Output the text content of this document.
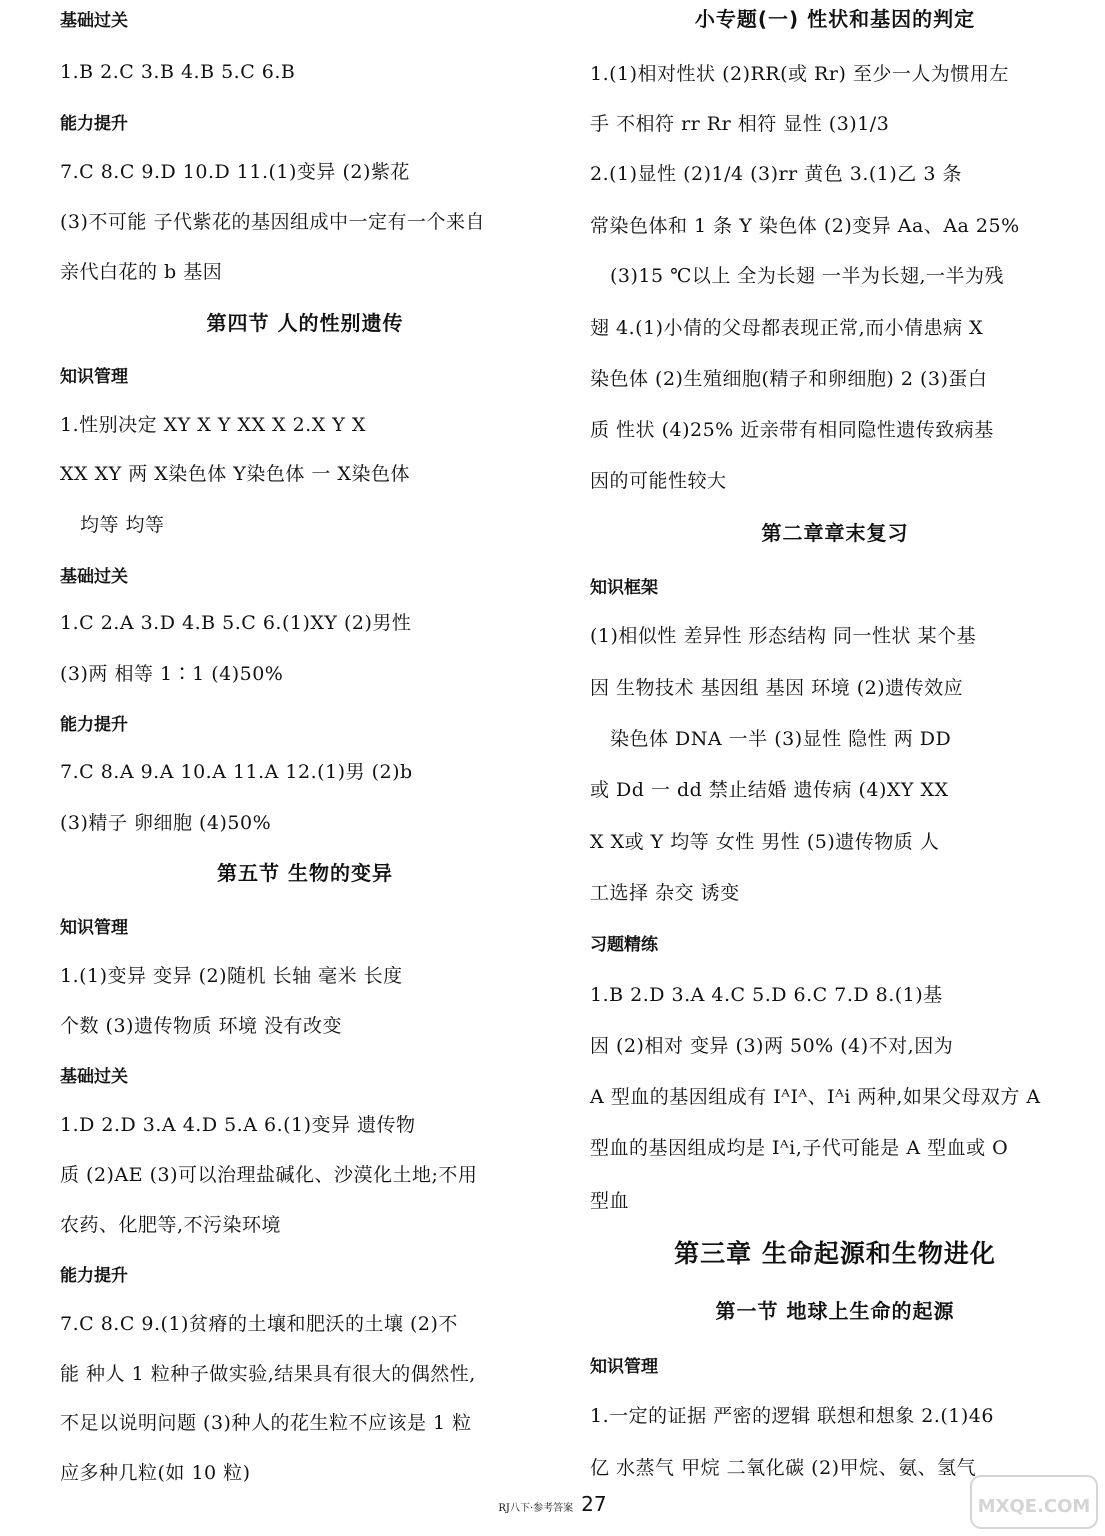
基础过关
1.B 2.C 3.B 4.B 5.C 6.B
能力提升
7.C 8.C 9.D 10.D 11.(1)变异 (2)紫花
(3)不可能 子代紫花的基因组成中一定有一个来自
亲代白花的 b 基因
第四节 人的性别遗传
知识管理
1.性别决定 XY X Y XX X 2.X Y X
XX XY 两 X染色体 Y染色体 一 X染色体
均等 均等
基础过关
1.C 2.A 3.D 4.B 5.C 6.(1)XY (2)男性
(3)两 相等 1∶1 (4)50%
能力提升
7.C 8.A 9.A 10.A 11.A 12.(1)男 (2)b
(3)精子 卵细胞 (4)50%
第五节 生物的变异
知识管理
1.(1)变异 变异 (2)随机 长轴 毫米 长度
个数 (3)遗传物质 环境 没有改变
基础过关
1.D 2.D 3.A 4.D 5.A 6.(1)变异 遗传物
质 (2)AE (3)可以治理盐碱化、沙漠化土地;不用
农药、化肥等,不污染环境
能力提升
7.C 8.C 9.(1)贫瘠的土壤和肥沃的土壤 (2)不
能 种人 1 粒种子做实验,结果具有很大的偶然性,
不足以说明问题 (3)种人的花生粒不应该是 1 粒
应多种几粒(如 10 粒)
小专题(一) 性状和基因的判定
1.(1)相对性状 (2)RR(或 Rr) 至少一人为惯用左
手 不相符 rr Rr 相符 显性 (3)1/3
2.(1)显性 (2)1/4 (3)rr 黄色 3.(1)乙 3 条
常染色体和 1 条 Y 染色体 (2)变异 Aa、Aa 25%
(3)15 ℃以上 全为长翅 一半为长翅,一半为残
翅 4.(1)小倩的父母都表现正常,而小倩患病 X
染色体 (2)生殖细胞(精子和卵细胞) 2 (3)蛋白
质 性状 (4)25% 近亲带有相同隐性遗传致病基
因的可能性较大
第二章章末复习
知识框架
(1)相似性 差异性 形态结构 同一性状 某个基
因 生物技术 基因组 基因 环境 (2)遗传效应
染色体 DNA 一半 (3)显性 隐性 两 DD
或 Dd 一 dd 禁止结婚 遗传病 (4)XY XX
X X或 Y 均等 女性 男性 (5)遗传物质 人
工选择 杂交 诱变
习题精练
1.B 2.D 3.A 4.C 5.D 6.C 7.D 8.(1)基
因 (2)相对 变异 (3)两 50% (4)不对,因为
A 型血的基因组成有 IᴬIᴬ、Iᴬi 两种,如果父母双方 A
型血的基因组成均是 Iᴬi,子代可能是 A 型血或 O
型血
第三章 生命起源和生物进化
第一节 地球上生命的起源
知识管理
1.一定的证据 严密的逻辑 联想和想象 2.(1)46
亿 水蒸气 甲烷 二氧化碳 (2)甲烷、氨、氢气
RJ八下·参考答案 27	MXQE.COM
